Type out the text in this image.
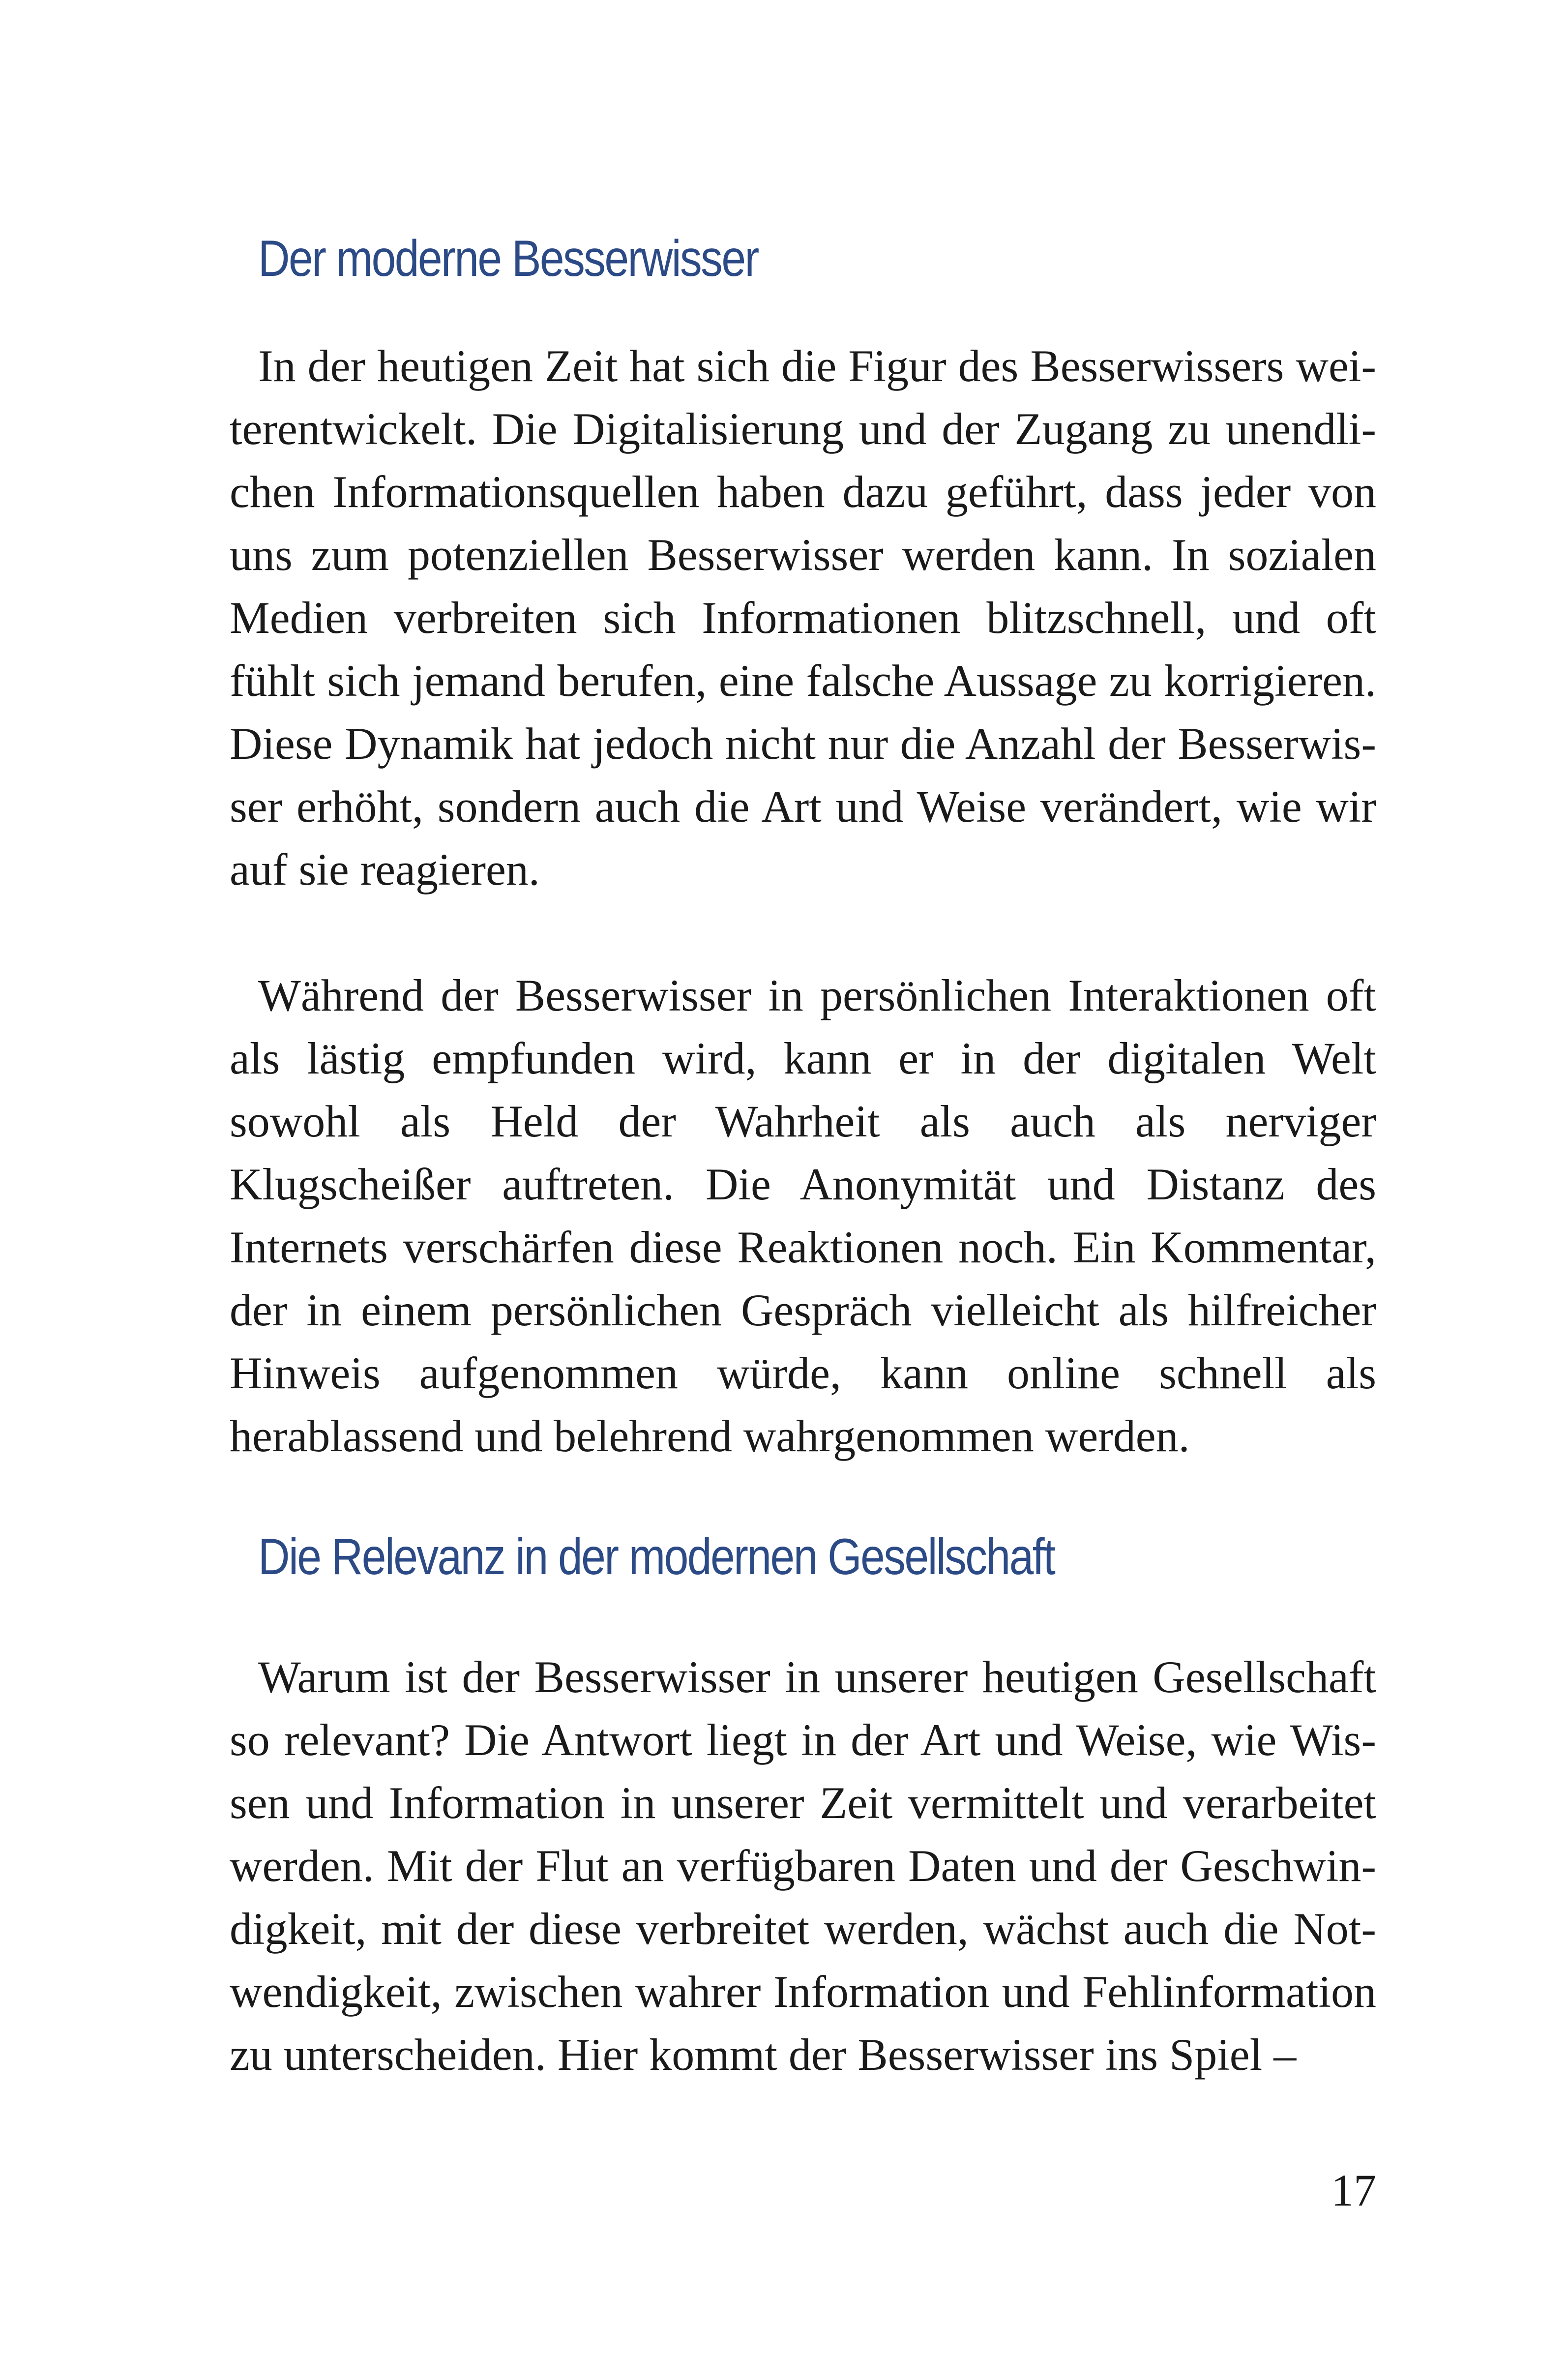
Der moderne Besserwisser

In der heutigen Zeit hat sich die Figur des Besserwissers weiterentwickelt. Die Digitalisierung und der Zugang zu unendlichen Informationsquellen haben dazu geführt, dass jeder von uns zum potenziellen Besserwisser werden kann. In sozialen Medien verbreiten sich Informationen blitzschnell, und oft fühlt sich jemand berufen, eine falsche Aussage zu korrigieren. Diese Dynamik hat jedoch nicht nur die Anzahl der Besserwisser erhöht, sondern auch die Art und Weise verändert, wie wir auf sie reagieren.

Während der Besserwisser in persönlichen Interaktionen oft als lästig empfunden wird, kann er in der digitalen Welt sowohl als Held der Wahrheit als auch als nerviger Klugscheißer auftreten. Die Anonymität und Distanz des Internets verschärfen diese Reaktionen noch. Ein Kommentar, der in einem persönlichen Gespräch vielleicht als hilfreicher Hinweis aufgenommen würde, kann online schnell als herablassend und belehrend wahrgenommen werden.

Die Relevanz in der modernen Gesellschaft

Warum ist der Besserwisser in unserer heutigen Gesellschaft so relevant? Die Antwort liegt in der Art und Weise, wie Wissen und Information in unserer Zeit vermittelt und verarbeitet werden. Mit der Flut an verfügbaren Daten und der Geschwindigkeit, mit der diese verbreitet werden, wächst auch die Notwendigkeit, zwischen wahrer Information und Fehlinformation zu unterscheiden. Hier kommt der Besserwisser ins Spiel –

17
